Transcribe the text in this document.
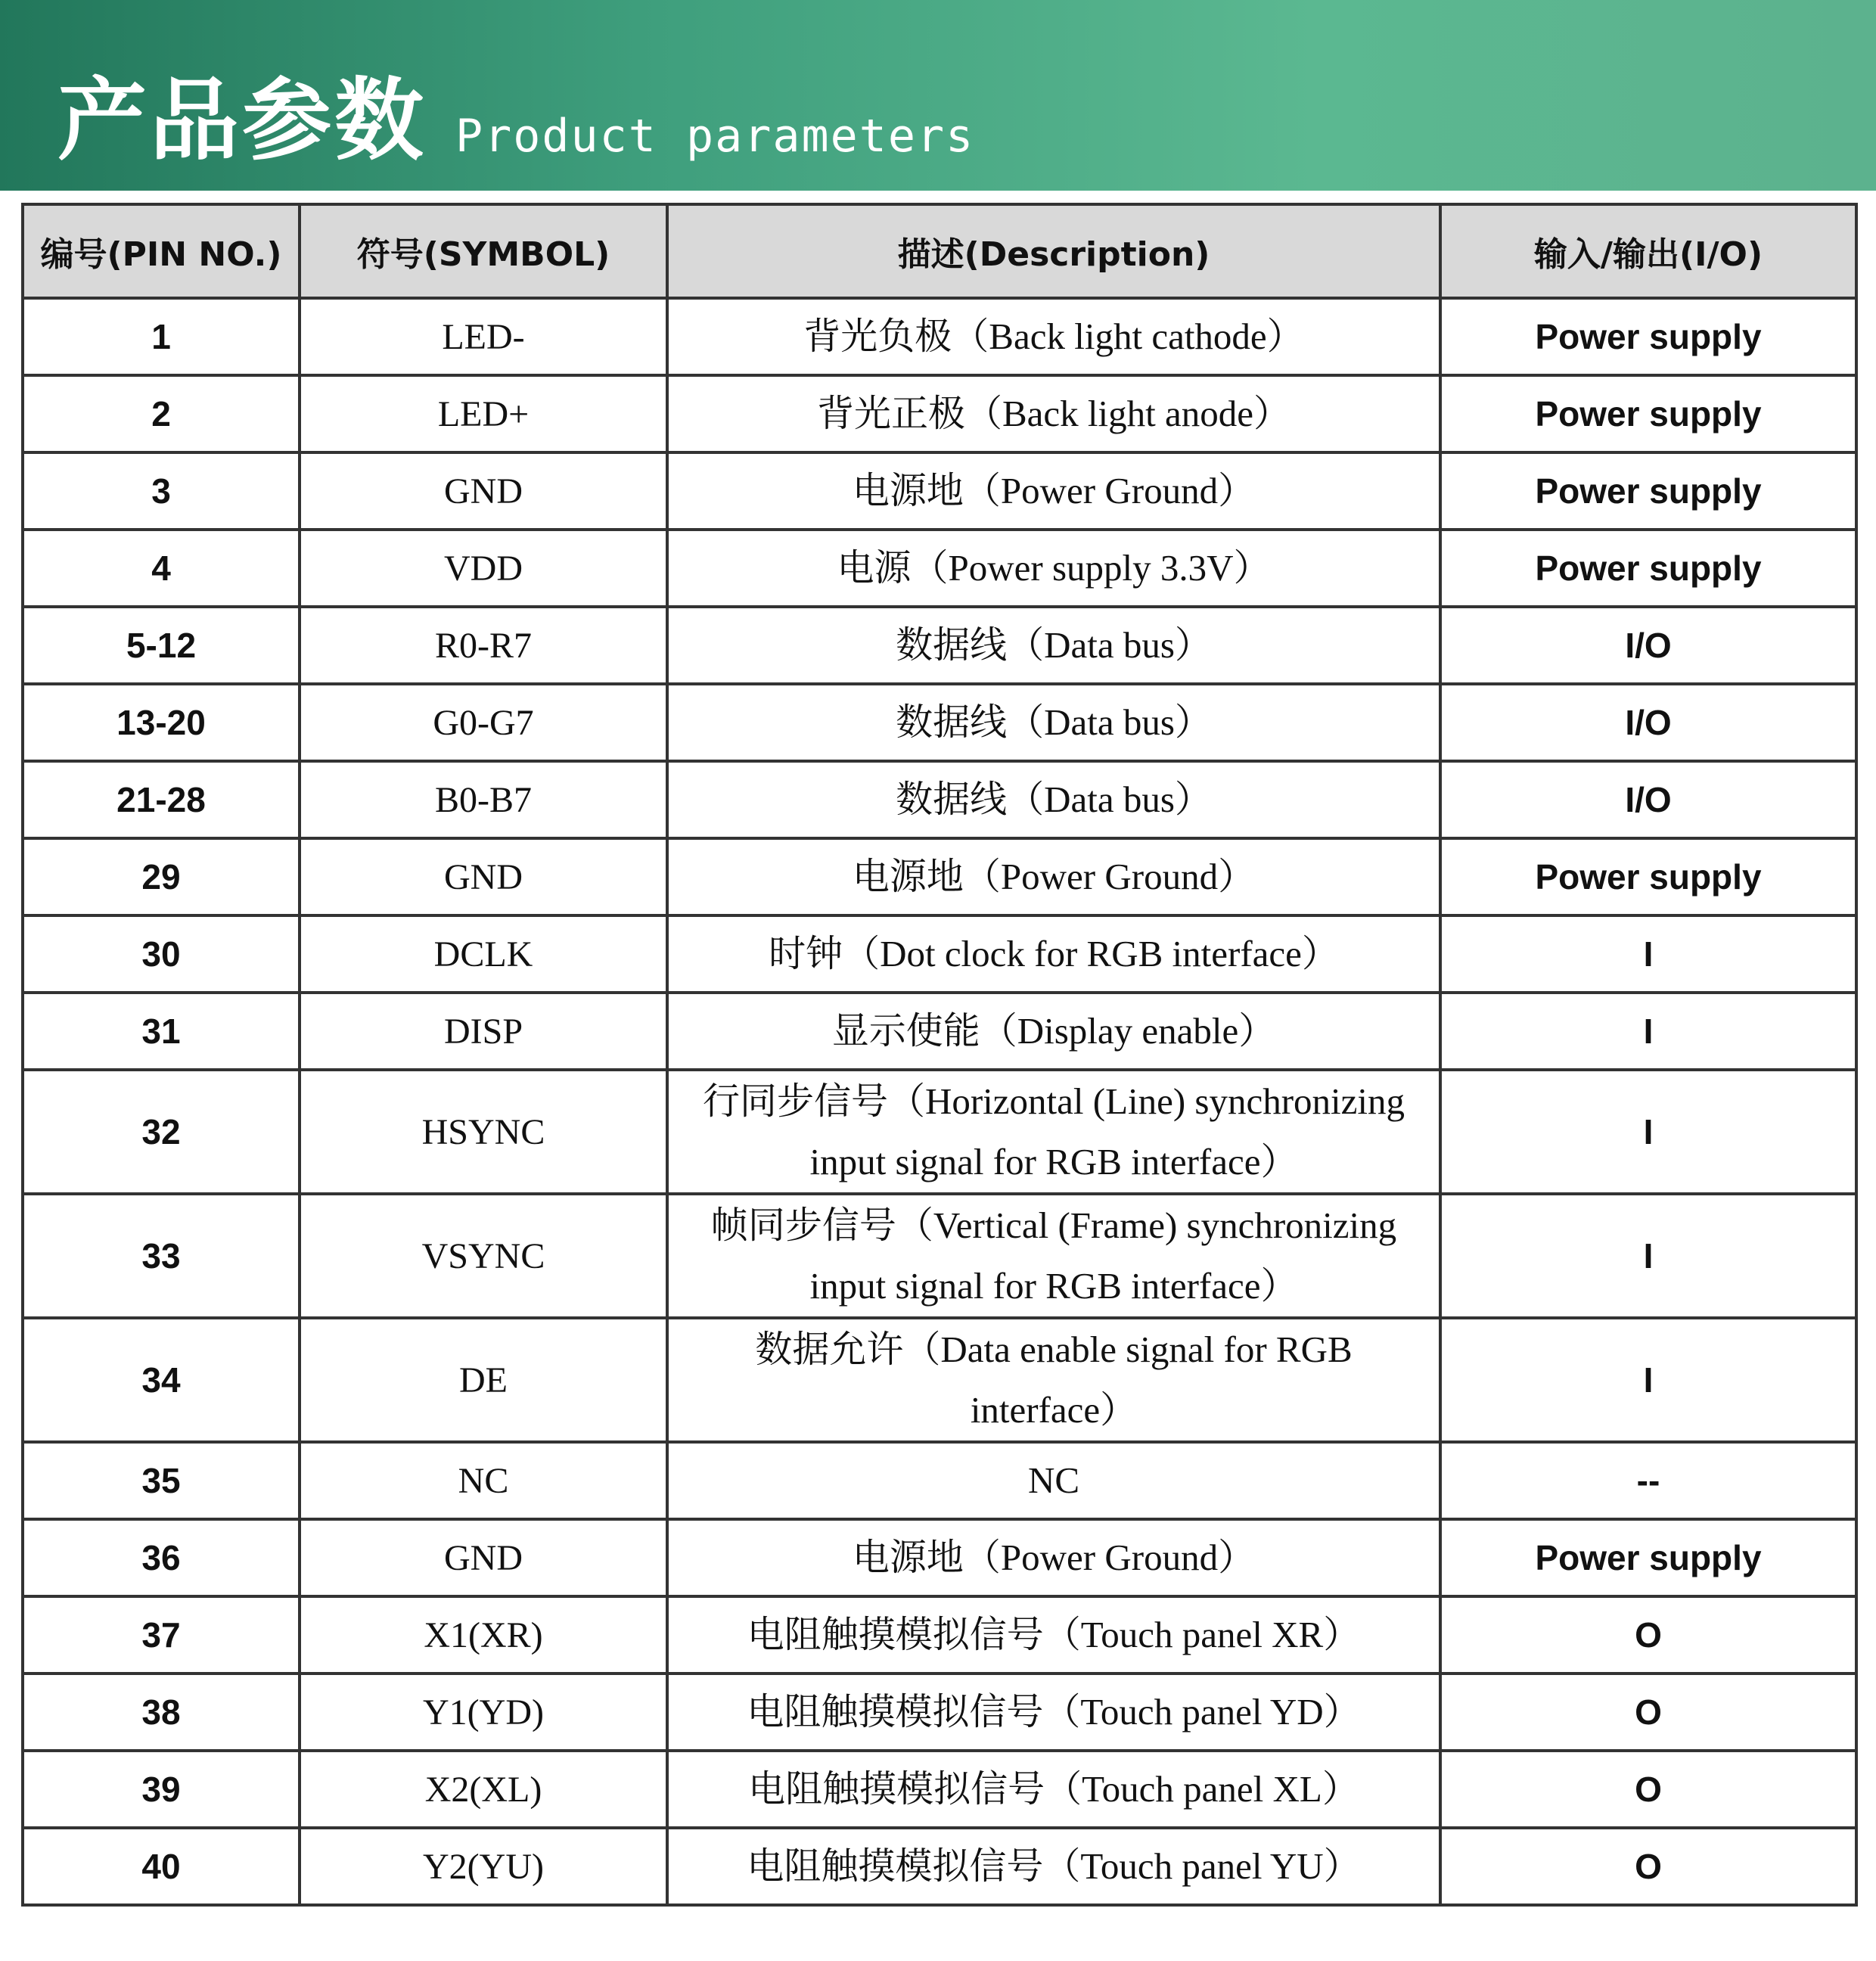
产品参数 Product parameters
编号(PIN NO.)	符号(SYMBOL)	描述(Description)	输入/输出(I/O)
1	LED-	背光负极（Back light cathode）	Power supply
2	LED+	背光正极（Back light anode）	Power supply
3	GND	电源地（Power Ground）	Power supply
4	VDD	电源（Power supply 3.3V）	Power supply
5-12	R0-R7	数据线（Data bus）	I/O
13-20	G0-G7	数据线（Data bus）	I/O
21-28	B0-B7	数据线（Data bus）	I/O
29	GND	电源地（Power Ground）	Power supply
30	DCLK	时钟（Dot clock for RGB interface）	I
31	DISP	显示使能（Display enable）	I
32	HSYNC	行同步信号（Horizontal (Line) synchronizing
input signal for RGB interface）	I
33	VSYNC	帧同步信号（Vertical (Frame) synchronizing
input signal for RGB interface）	I
34	DE	数据允许（Data enable signal for RGB
interface）	I
35	NC	NC	--
36	GND	电源地（Power Ground）	Power supply
37	X1(XR)	电阻触摸模拟信号（Touch panel XR）	O
38	Y1(YD)	电阻触摸模拟信号（Touch panel YD）	O
39	X2(XL)	电阻触摸模拟信号（Touch panel XL）	O
40	Y2(YU)	电阻触摸模拟信号（Touch panel YU）	O
